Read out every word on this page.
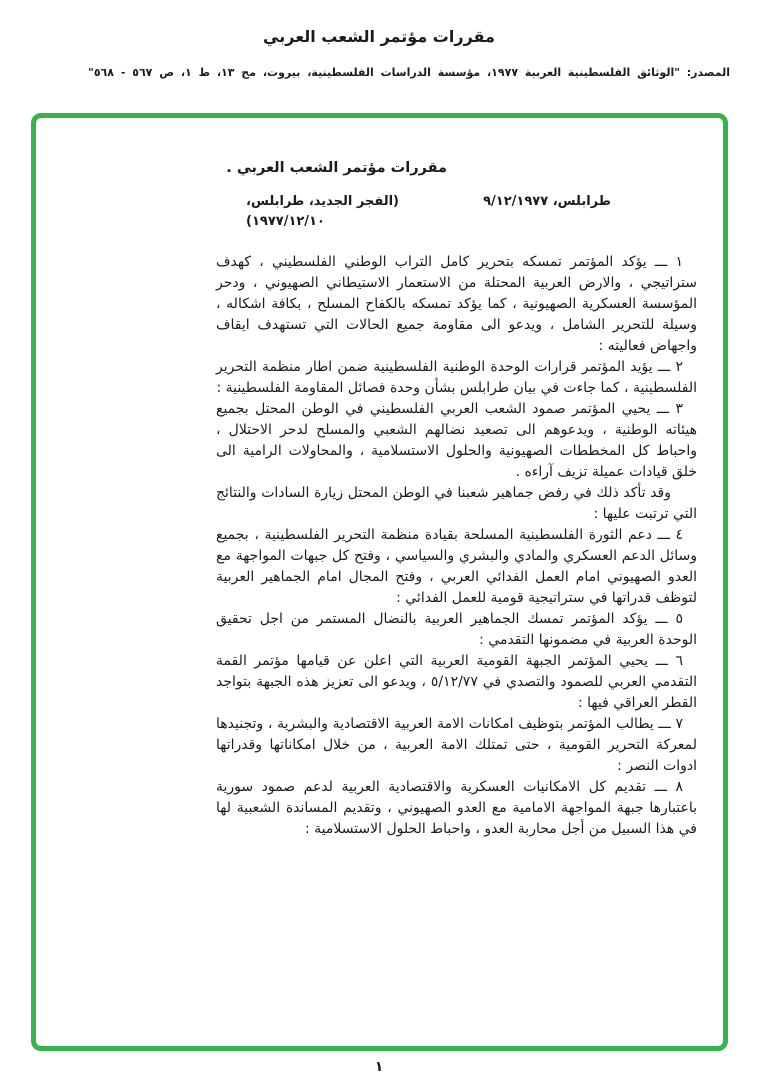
مقررات مؤتمر الشعب العربي
المصدر: "الوثائق الفلسطينية العربية ١٩٧٧، مؤسسة الدراسات الفلسطينية، بيروت، مج ١٣، ط ١، ص ٥٦٧ - ٥٦٨"
مقررات مؤتمر الشعب العربي .
طرابلس، ٩/١٢/١٩٧٧
(الفجر الجديد، طرابلس، ١٩٧٧/١٢/١٠)

١ ـــ يؤكد المؤتمر تمسكه بتحرير كامل التراب الوطني الفلسطيني ، كهدف ستراتيجي ، والارض العربية المحتلة من الاستعمار الاستيطاني الصهيوني ، ودحر المؤسسة العسكرية الصهيونية ، كما يؤكد تمسكه بالكفاح المسلح ، بكافة اشكاله ، وسيلة للتحرير الشامل ، ويدعو الى مقاومة جميع الحالات التي تستهدف ايقاف واجهاض فعاليته :

٢ ـــ يؤيد المؤتمر قرارات الوحدة الوطنية الفلسطينية ضمن اطار منظمة التحرير الفلسطينية ، كما جاءت في بيان طرابلس بشأن وحدة فصائل المقاومة الفلسطينية :

٣ ـــ يحيي المؤتمر صمود الشعب العربي الفلسطيني في الوطن المحتل بجميع هيئاته الوطنية ، ويدعوهم الى تصعيد نضالهم الشعبي والمسلح لدحر الاحتلال ، واحباط كل المخططات الصهيونية والحلول الاستسلامية ، والمحاولات الرامية الى خلق قيادات عميلة تزيف آراءه .

وقد تأكد ذلك في رفض جماهير شعبنا في الوطن المحتل زيارة السادات والنتائج التي ترتبت عليها :

٤ ـــ دعم الثورة الفلسطينية المسلحة بقيادة منظمة التحرير الفلسطينية ، بجميع وسائل الدعم العسكري والمادي والبشري والسياسي ، وفتح كل جبهات المواجهة مع العدو الصهيوني امام العمل الفدائي العربي ، وفتح المجال امام الجماهير العربية لتوظف قدراتها في ستراتيجية قومية للعمل الفدائي :

٥ ـــ يؤكد المؤتمر تمسك الجماهير العربية بالنضال المستمر من اجل تحقيق الوحدة العربية في مضمونها التقدمي :

٦ ـــ يحيي المؤتمر الجبهة القومية العربية التي اعلن عن قيامها مؤتمر القمة التقدمي العربي للصمود والتصدي في ٥/١٢/٧٧ ، ويدعو الى تعزيز هذه الجبهة بتواجد القطر العراقي فيها :

٧ ـــ يطالب المؤتمر بتوظيف امكانات الامة العربية الاقتصادية والبشرية ، وتجنيدها لمعركة التحرير القومية ، حتى تمتلك الامة العربية ، من خلال امكاناتها وقدراتها ادوات النصر :

٨ ـــ تقديم كل الامكانيات العسكرية والاقتصادية العربية لدعم صمود سورية باعتبارها جبهة المواجهة الامامية مع العدو الصهيوني ، وتقديم المساندة الشعبية لها في هذا السبيل من أجل محاربة العدو ، واحباط الحلول الاستسلامية :

١
